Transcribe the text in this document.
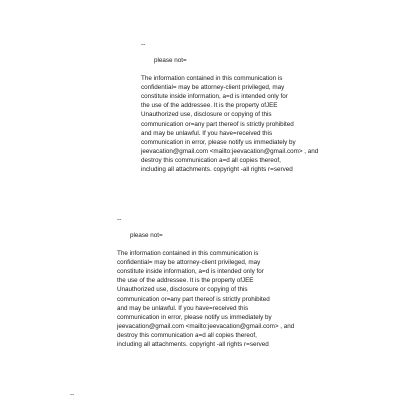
--
please not=
The information contained in this communication is
confidential= may be attorney-client privileged, may
constitute inside information, a=d is intended only for
the use of the addressee. It is the property ofJEE
Unauthorized use, disclosure or copying of this
communication or=any part thereof is strictly prohibited
and may be unlawful. If you have=received this
communication in error, please notify us immediately by
jeevacation@gmail.com <mailto:jeevacation@gmail.com> , and
destroy this communication a=d all copies thereof,
including all attachments. copyright -all rights r=served
--
please not=
The information contained in this communication is
confidential= may be attorney-client privileged, may
constitute inside information, a=d is intended only for
the use of the addressee. It is the property ofJEE
Unauthorized use, disclosure or copying of this
communication or=any part thereof is strictly prohibited
and may be unlawful. If you have=received this
communication in error, please notify us immediately by
jeevacation@gmail.com <mailto:jeevacation@gmail.com> , and
destroy this communication a=d all copies thereof,
including all attachments. copyright -all rights r=served
--
